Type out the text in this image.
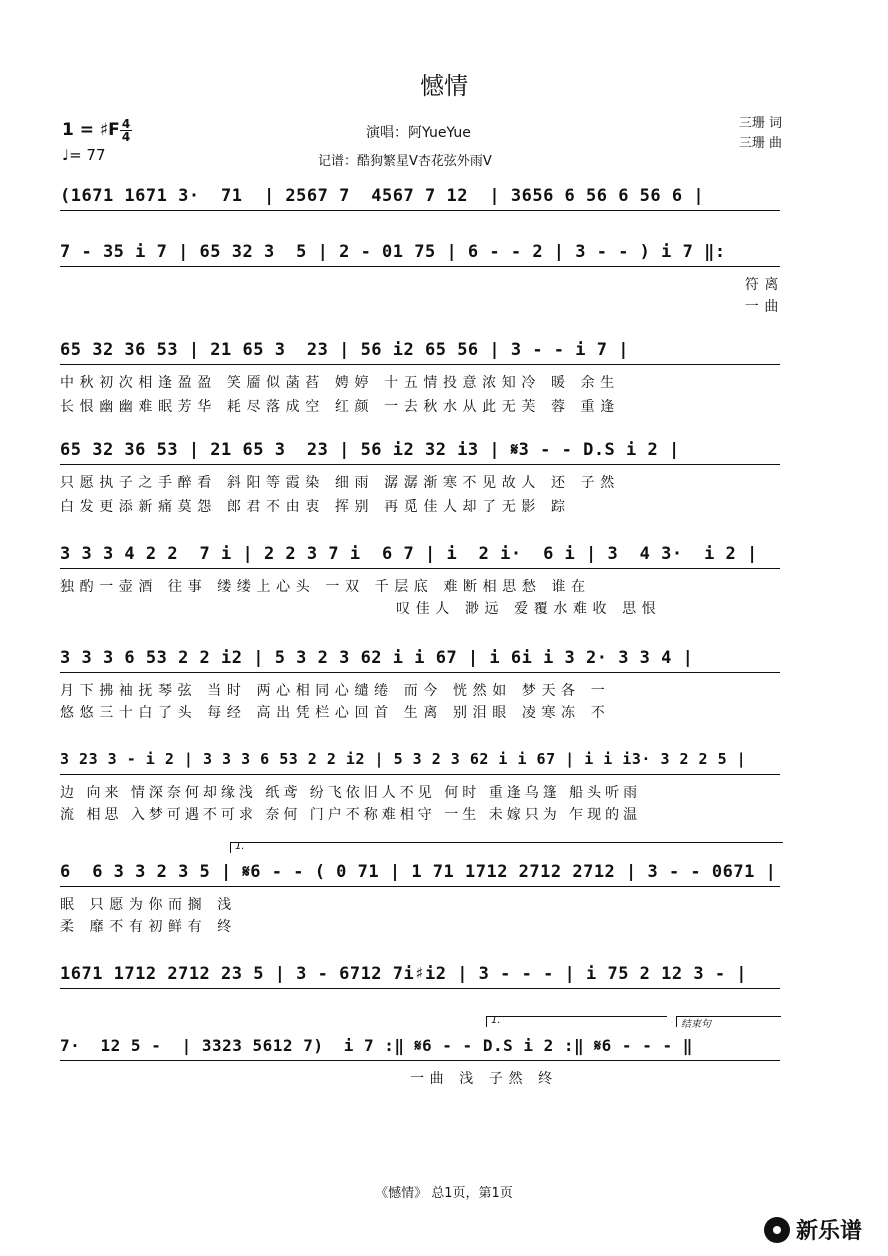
憾情
1 = ♯F 4
4
♩= 77
演唱：阿YueYue
记谱：酷狗繁星V杏花弦外雨V
三珊 词
三珊 曲
(1671 1671 3·  71  | 2567 7  4567 7 12  | 3656 6 56 6 56 6 |
7 - 35 i 7 | 65 32 3  5 | 2 - 01 75 | 6 - - 2 | 3 - - ) i 7 ‖:
符离
一曲
65 32 36 53 | 21 65 3  23 | 56 i2 65 56 | 3 - - i 7 |
中秋初次相逢盈盈 笑靥似菡萏 娉婷 十五情投意浓知冷 暖 余生
长恨幽幽难眠芳华 耗尽落成空 红颜 一去秋水从此无芙 蓉 重逢
65 32 36 53 | 21 65 3  23 | 56 i2 32 i3 | 𝄋3 - - D.S i 2 |
只愿执子之手醉看 斜阳等霞染 细雨 潺潺渐寒不见故人 还 子然
白发更添新痛莫怨 郎君不由衷 挥别 再觅佳人却了无影 踪
3 3 3 4 2 2  7 i | 2 2 3 7 i  6 7 | i  2 i·  6 i | 3  4 3·  i 2 |
独酌一壶酒 往事 缕缕上心头 一双 千层底 难断相思愁 谁在
叹佳人 渺远 爱覆水难收 思恨
3 3 3 6 53 2 2 i2 | 5 3 2 3 62 i i 67 | i 6i i 3 2· 3 3 4 |
月下拂袖抚琴弦 当时 两心相同心缱绻 而今 恍然如 梦天各 一
悠悠三十白了头 每经 高出凭栏心回首 生离 别泪眼 凌寒冻 不
3 23 3 - i 2 | 3 3 3 6 53 2 2 i2 | 5 3 2 3 62 i i 67 | i i i3· 3 2 2 5 |
边 向来 情深奈何却缘浅 纸鸢 纷飞依旧人不见 何时 重逢乌篷 船头听雨
流 相思 入梦可遇不可求 奈何 门户不称难相守 一生 未嫁只为 乍现的温
1.
6  6 3 3 2 3 5 | 𝄋6 - - ( 0 71 | 1 71 1712 2712 2712 | 3 - - 0671 |
眠 只愿为你而搁 浅
柔 靡不有初鲜有 终
1671 1712 2712 23 5 | 3 - 6712 7i♯i2 | 3 - - - | i 75 2 12 3 - |
1.	结束句
7·  12 5 -  | 3323 5612 7)  i 7 :‖ 𝄋6 - - D.S i 2 :‖ 𝄋6 - - - ‖
一曲 浅 子然 终
《憾情》 总1页，第1页
新乐谱
